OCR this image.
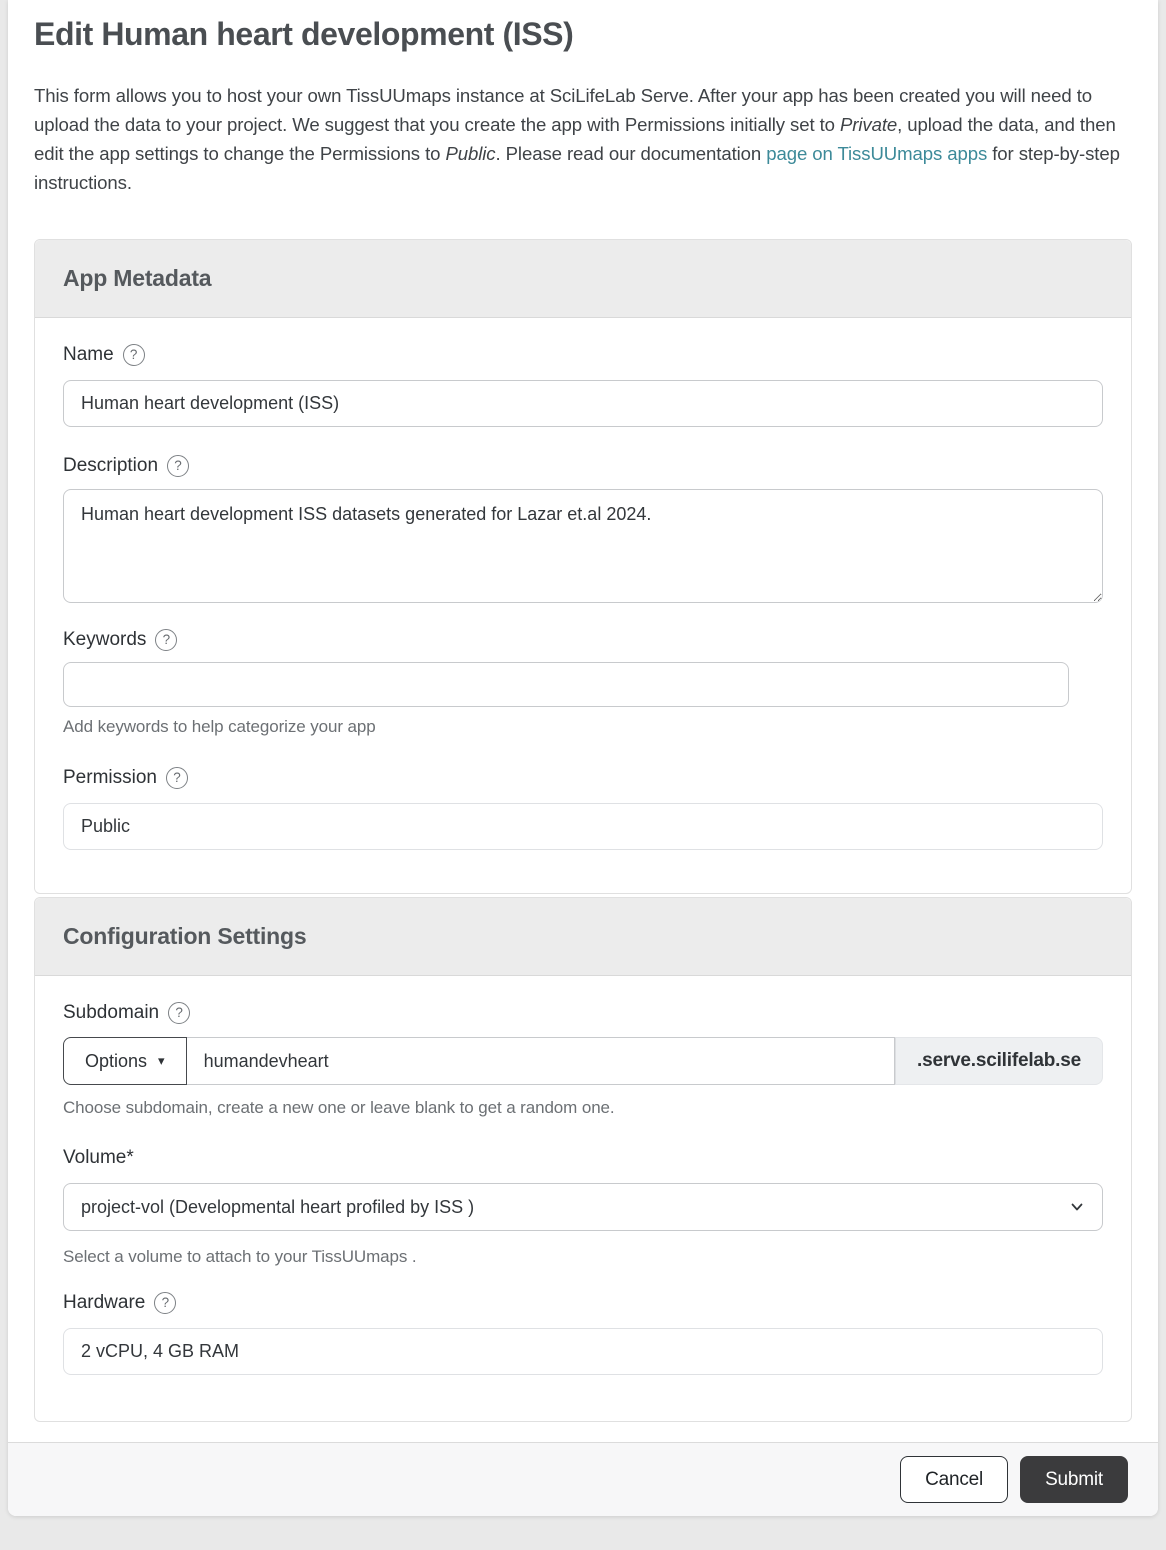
Edit Human heart development (ISS)

This form allows you to host your own TissUUmaps instance at SciLifeLab Serve. After your app has been created you will need to upload the data to your project. We suggest that you create the app with Permissions initially set to Private, upload the data, and then edit the app settings to change the Permissions to Public. Please read our documentation page on TissUUmaps apps for step-by-step instructions.

App Metadata
Name	?
Human heart development (ISS)
Description	?
Human heart development ISS datasets generated for Lazar et.al 2024.
Keywords	?
Add keywords to help categorize your app
Permission	?
Public
Configuration Settings
Subdomain	?
Options ▾
humandevheart	.serve.scilifelab.se
Choose subdomain, create a new one or leave blank to get a random one.
Volume*
project-vol (Developmental heart profiled by ISS )
Select a volume to attach to your TissUUmaps .
Hardware	?
2 vCPU, 4 GB RAM
Cancel	Submit
